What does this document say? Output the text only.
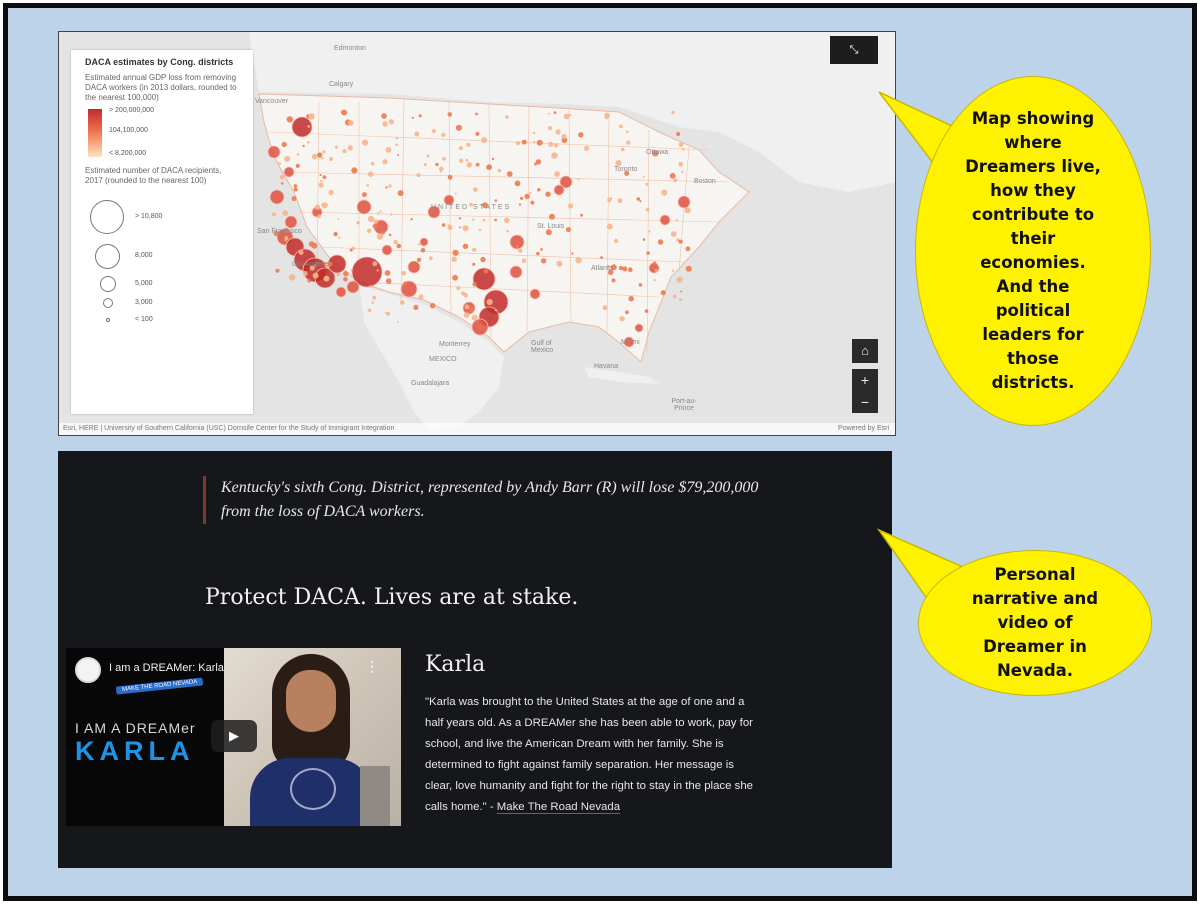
Edmonton
Calgary
Vancouver
Ottawa
Toronto
Boston
Monterrey
MEXICO
Guadalajara
Havana
Port-au-Prince
San Francisco
Los Angeles
St. Louis
Atlanta
Miami
Gulf of Mexico
UNITED STATES
DACA estimates by Cong. districts
Estimated annual GDP loss from removing DACA workers (in 2013 dollars, rounded to the nearest 100,000)
> 200,000,000
104,100,000
< 8,200,000
Estimated number of DACA recipients, 2017 (rounded to the nearest 100)
> 10,800
8,000
5,000
3,000
< 100
⤡
⌂
+
−
Esri, HERE | University of Southern California (USC) Dornsife Center for the Study of Immigrant Integration	Powered by Esri
Kentucky's sixth Cong. District, represented by Andy Barr (R) will lose $79,200,000 from the loss of DACA workers.
Protect DACA. Lives are at stake.
I am a DREAMer: Karla	⋮
MAKE THE ROAD NEVADA
I AM A DREAMer
KARLA
▶
Karla
"Karla was brought to the United States at the age of one and a half years old. As a DREAMer she has been able to work, pay for school, and live the American Dream with her family. She is determined to fight against family separation. Her message is clear, love humanity and fight for the right to stay in the place she calls home." - Make The Road Nevada
Map showing
where
Dreamers live,
how they
contribute to
their
economies.
And the
political
leaders for
those
districts.
Personal
narrative and
video of
Dreamer in
Nevada.
